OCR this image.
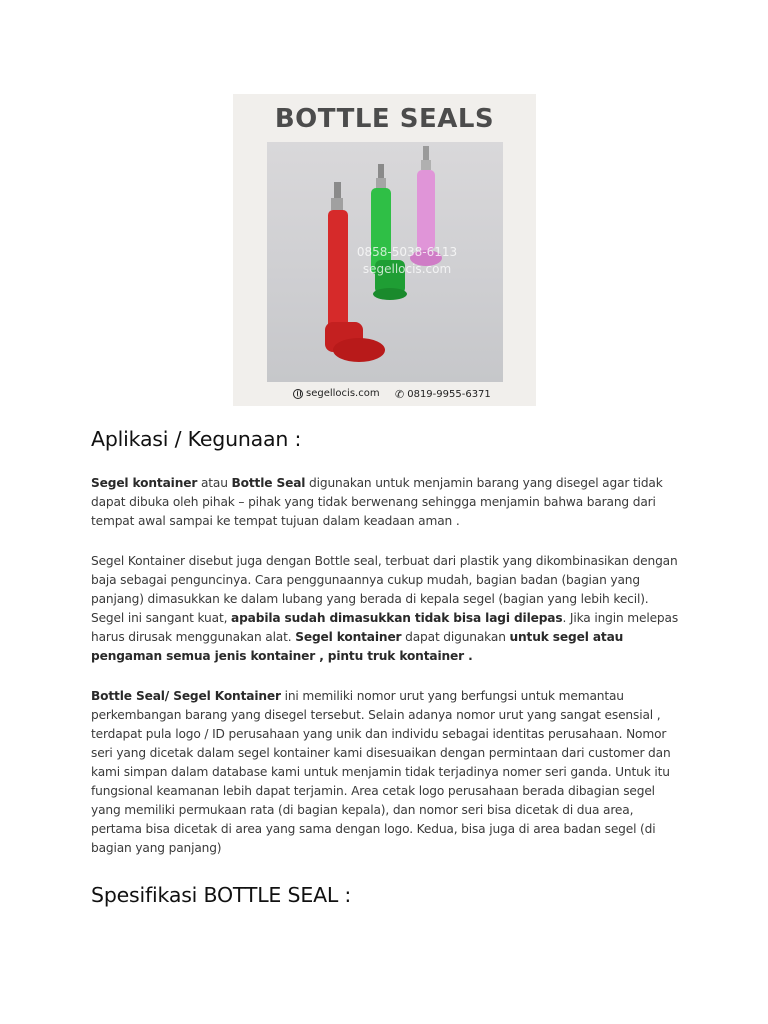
BOTTLE SEALS
0858-5038-6113
segellocis.com
segellocis.com ✆ 0819-9955-6371
Aplikasi / Kegunaan :

Segel kontainer atau Bottle Seal digunakan untuk menjamin barang yang disegel agar tidak dapat dibuka oleh pihak – pihak yang tidak berwenang sehingga menjamin bahwa barang dari tempat awal sampai ke tempat tujuan dalam keadaan aman .

Segel Kontainer disebut juga dengan Bottle seal, terbuat dari plastik yang dikombinasikan dengan baja sebagai penguncinya. Cara penggunaannya cukup mudah, bagian badan (bagian yang panjang) dimasukkan ke dalam lubang yang berada di kepala segel (bagian yang lebih kecil). Segel ini sangant kuat, apabila sudah dimasukkan tidak bisa lagi dilepas. Jika ingin melepas harus dirusak menggunakan alat. Segel kontainer dapat digunakan untuk segel atau pengaman semua jenis kontainer , pintu truk kontainer .

Bottle Seal/ Segel Kontainer ini memiliki nomor urut yang berfungsi untuk memantau perkembangan barang yang disegel tersebut. Selain adanya nomor urut yang sangat esensial , terdapat pula logo / ID perusahaan yang unik dan individu sebagai identitas perusahaan. Nomor seri yang dicetak dalam segel kontainer kami disesuaikan dengan permintaan dari customer dan kami simpan dalam database kami untuk menjamin tidak terjadinya nomer seri ganda. Untuk itu fungsional keamanan lebih dapat terjamin. Area cetak logo perusahaan berada dibagian segel yang memiliki permukaan rata (di bagian kepala), dan nomor seri bisa dicetak di dua area, pertama bisa dicetak di area yang sama dengan logo. Kedua, bisa juga di area badan segel (di bagian yang panjang)

Spesifikasi BOTTLE SEAL :
